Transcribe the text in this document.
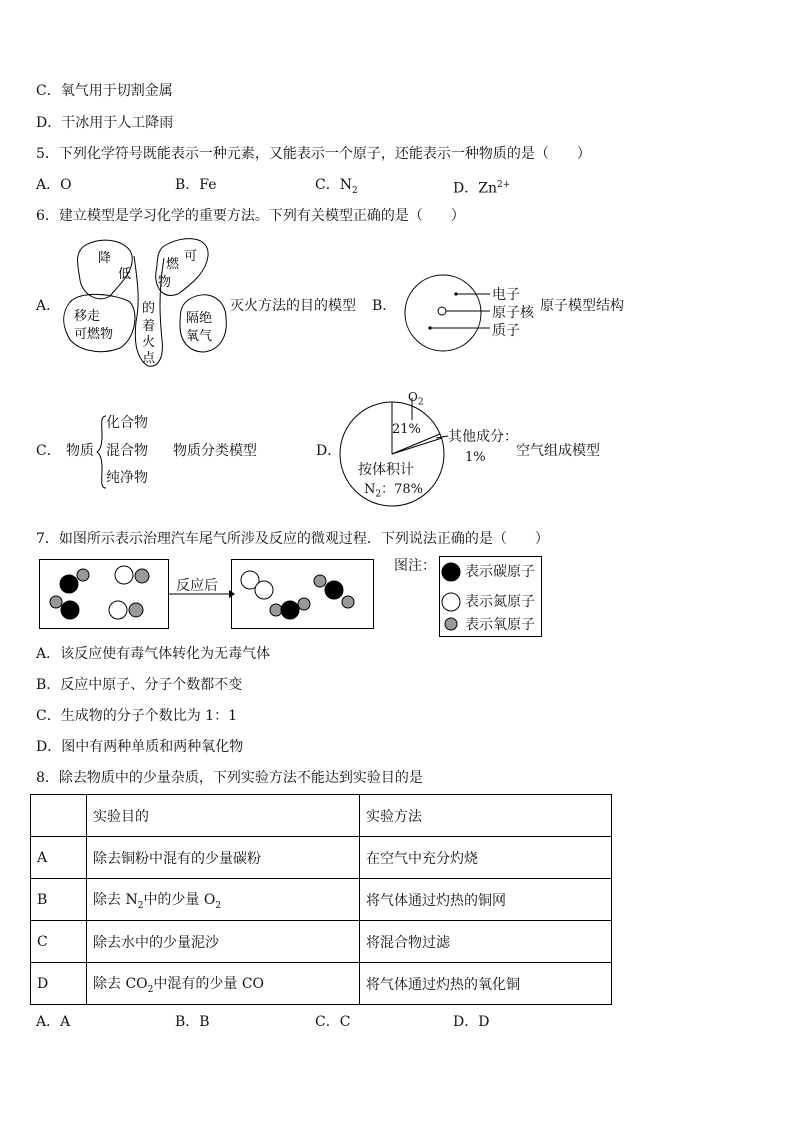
C．氧气用于切割金属
D．干冰用于人工降雨
5．下列化学符号既能表示一种元素，又能表示一个原子，还能表示一种物质的是（　　）
A．O	B．Fe	C．$N_2$	D．$Zn^{2+}$
6．建立模型是学习化学的重要方法。下列有关模型正确的是（　　）
A．
降
低
可
燃
物
的
着
火
点
移走
可燃物
隔绝
氧气
灭火方法的目的模型 B．
电子
原子核
质子
原子模型结构
C． 物质
化合物
混合物
纯净物
物质分类模型	D．
$O_2$
21% 其他成分：
1%
按体积计
$N_2$：78%
空气组成模型
7．如图所示表示治理汽车尾气所涉及反应的微观过程．下列说法正确的是（　　）
反应后
图注： 表示碳原子
表示氮原子
表示氧原子
A．该反应使有毒气体转化为无毒气体
B．反应中原子、分子个数都不变
C．生成物的分子个数比为 1：1
D．图中有两种单质和两种氧化物
8．除去物质中的少量杂质，下列实验方法不能达到实验目的是
	实验目的	实验方法
A	除去铜粉中混有的少量碳粉	在空气中充分灼烧
B	除去 $N_2$中的少量 $O_2$	将气体通过灼热的铜网
C	除去水中的少量泥沙	将混合物过滤
D	除去 $CO_2$中混有的少量 CO	将气体通过灼热的氧化铜
A．A	B．B	C．C	D．D
